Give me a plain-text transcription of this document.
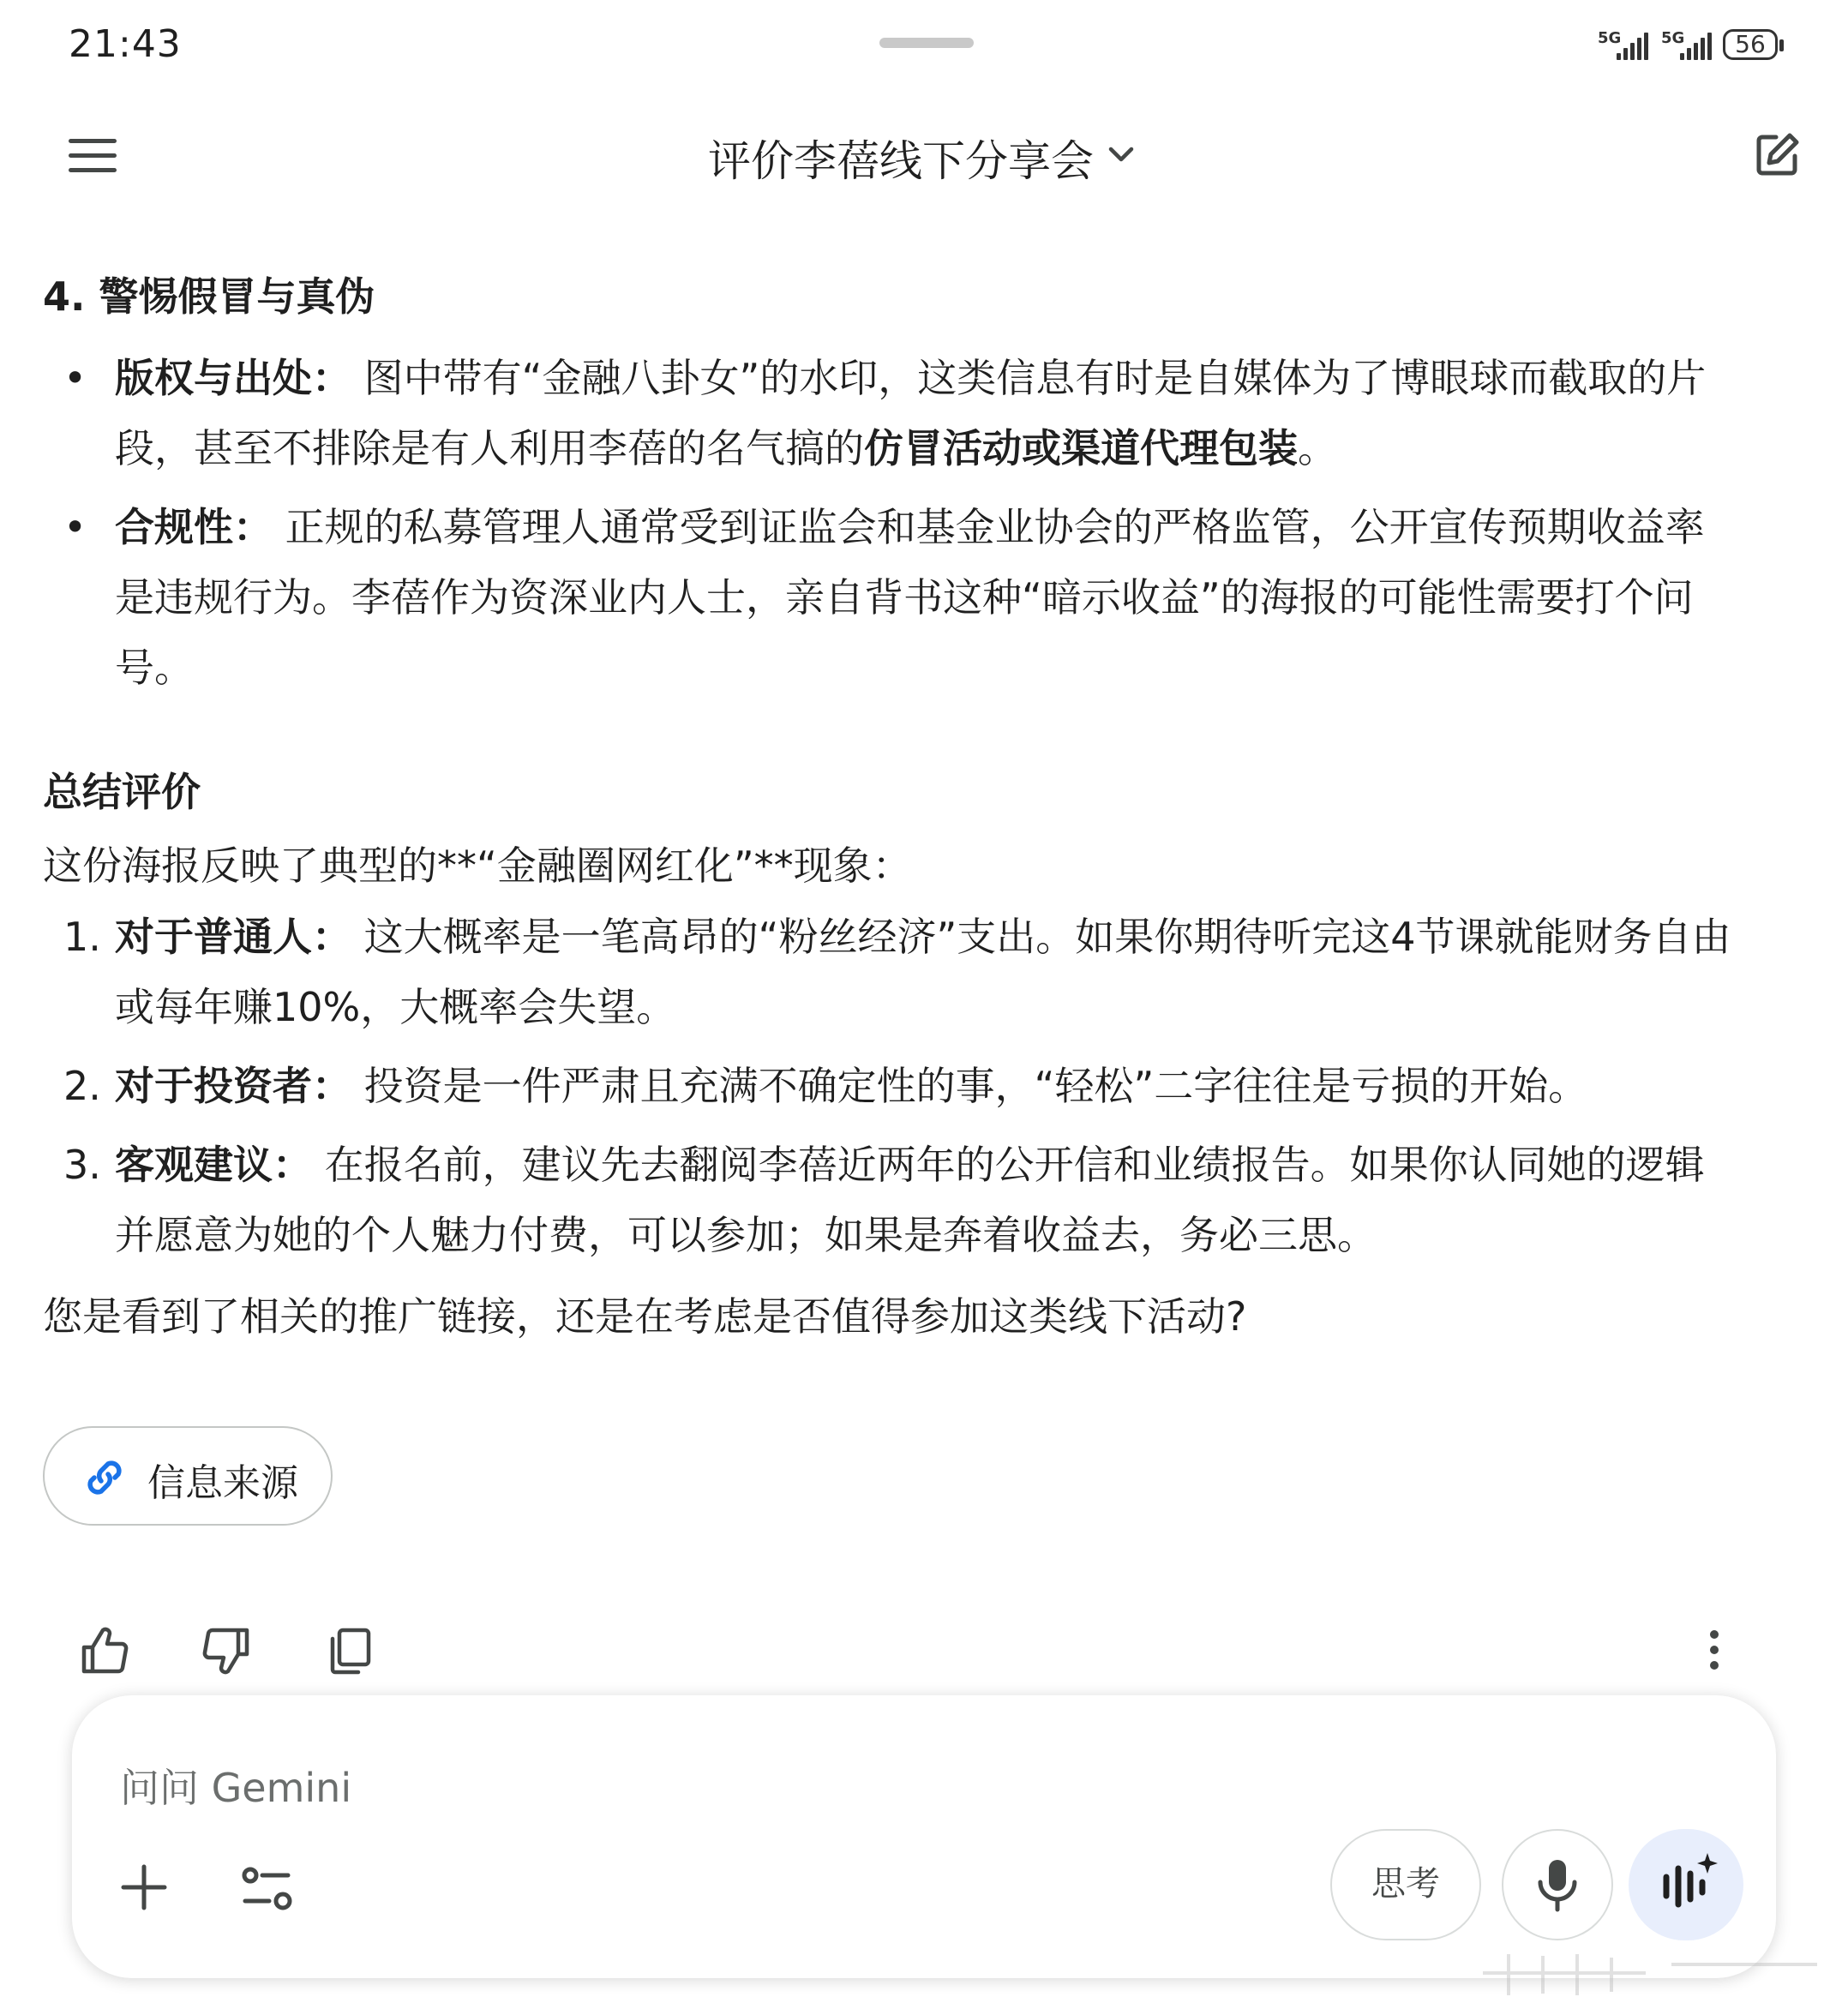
21:43	5G	5G	56
评价李蓓线下分享会

4. 警惕假冒与真伪

• 版权与出处： 图中带有“金融八卦女”的水印，这类信息有时是自媒体为了博眼球而截取的片
段，甚至不排除是有人利用李蓓的名气搞的仿冒活动或渠道代理包装。
• 合规性： 正规的私募管理人通常受到证监会和基金业协会的严格监管，公开宣传预期收益率
是违规行为。李蓓作为资深业内人士，亲自背书这种“暗示收益”的海报的可能性需要打个问
号。

总结评价

这份海报反映了典型的**“金融圈网红化”**现象：

1. 对于普通人： 这大概率是一笔高昂的“粉丝经济”支出。如果你期待听完这4节课就能财务自由
或每年赚10%，大概率会失望。
2. 对于投资者： 投资是一件严肃且充满不确定性的事，“轻松”二字往往是亏损的开始。
3. 客观建议： 在报名前，建议先去翻阅李蓓近两年的公开信和业绩报告。如果你认同她的逻辑
并愿意为她的个人魅力付费，可以参加；如果是奔着收益去，务必三思。

您是看到了相关的推广链接，还是在考虑是否值得参加这类线下活动?

信息来源
问问 Gemini
思考
